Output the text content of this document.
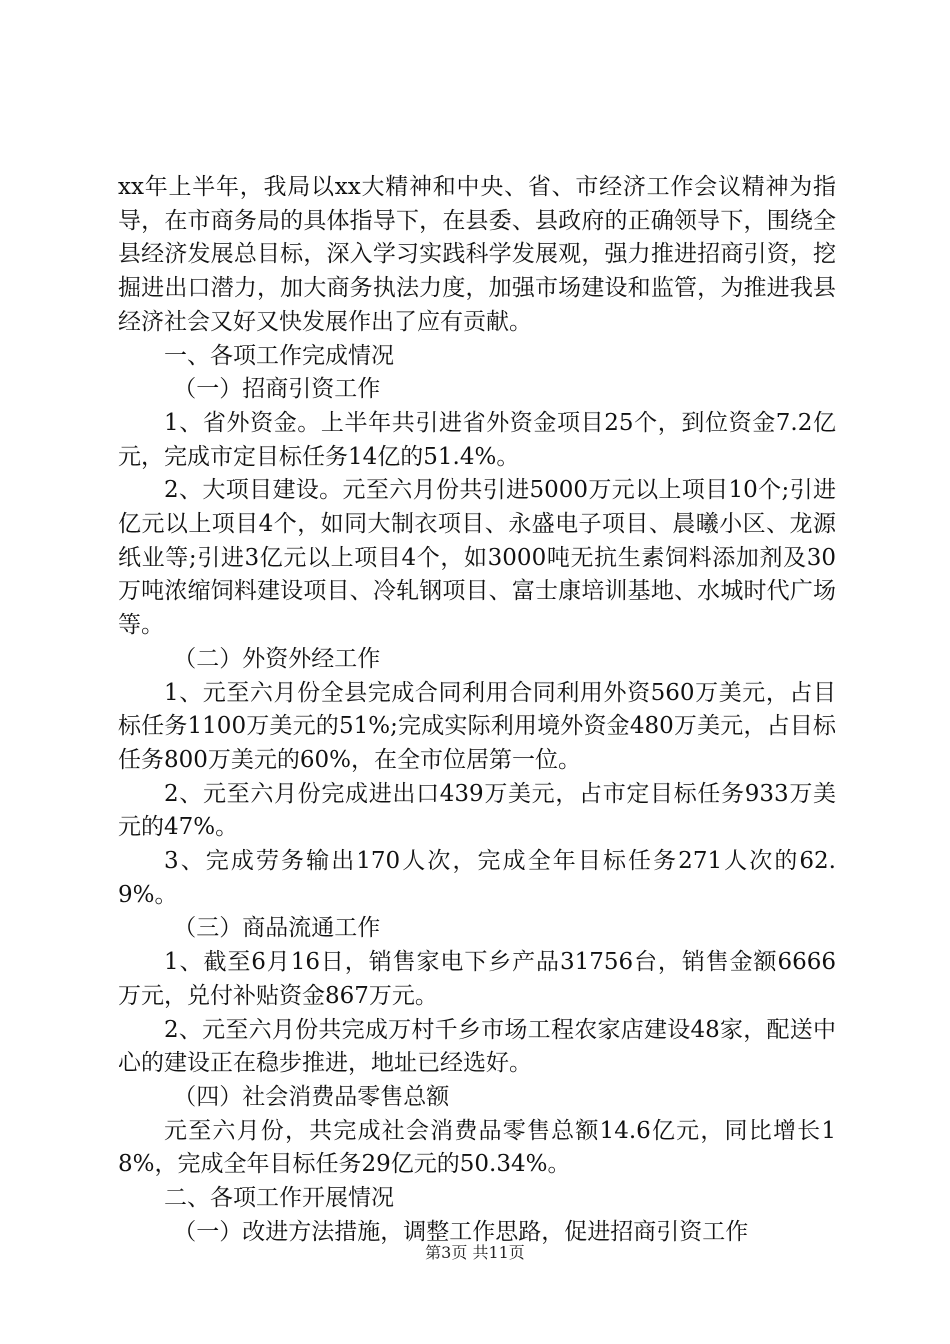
xx年上半年，我局以xx大精神和中央、省、市经济工作会议精神为指导，在市商务局的具体指导下，在县委、县政府的正确领导下，围绕全县经济发展总目标，深入学习实践科学发展观，强力推进招商引资，挖掘进出口潜力，加大商务执法力度，加强市场建设和监管，为推进我县经济社会又好又快发展作出了应有贡献。

一、各项工作完成情况

（一）招商引资工作

1、省外资金。上半年共引进省外资金项目25个，到位资金7.2亿元，完成市定目标任务14亿的51.4%。

2、大项目建设。元至六月份共引进5000万元以上项目10个;引进亿元以上项目4个，如同大制衣项目、永盛电子项目、晨曦小区、龙源纸业等;引进3亿元以上项目4个，如3000吨无抗生素饲料添加剂及30万吨浓缩饲料建设项目、冷轧钢项目、富士康培训基地、水城时代广场等。

（二）外资外经工作

1、元至六月份全县完成合同利用合同利用外资560万美元，占目标任务1100万美元的51%;完成实际利用境外资金480万美元，占目标任务800万美元的60%，在全市位居第一位。

2、元至六月份完成进出口439万美元，占市定目标任务933万美元的47%。

3、完成劳务输出170人次，完成全年目标任务271人次的62.9%。

（三）商品流通工作

1、截至6月16日，销售家电下乡产品31756台，销售金额6666万元，兑付补贴资金867万元。

2、元至六月份共完成万村千乡市场工程农家店建设48家，配送中心的建设正在稳步推进，地址已经选好。

（四）社会消费品零售总额

元至六月份，共完成社会消费品零售总额14.6亿元，同比增长18%，完成全年目标任务29亿元的50.34%。

二、各项工作开展情况

（一）改进方法措施，调整工作思路，促进招商引资工作

第3页 共11页
